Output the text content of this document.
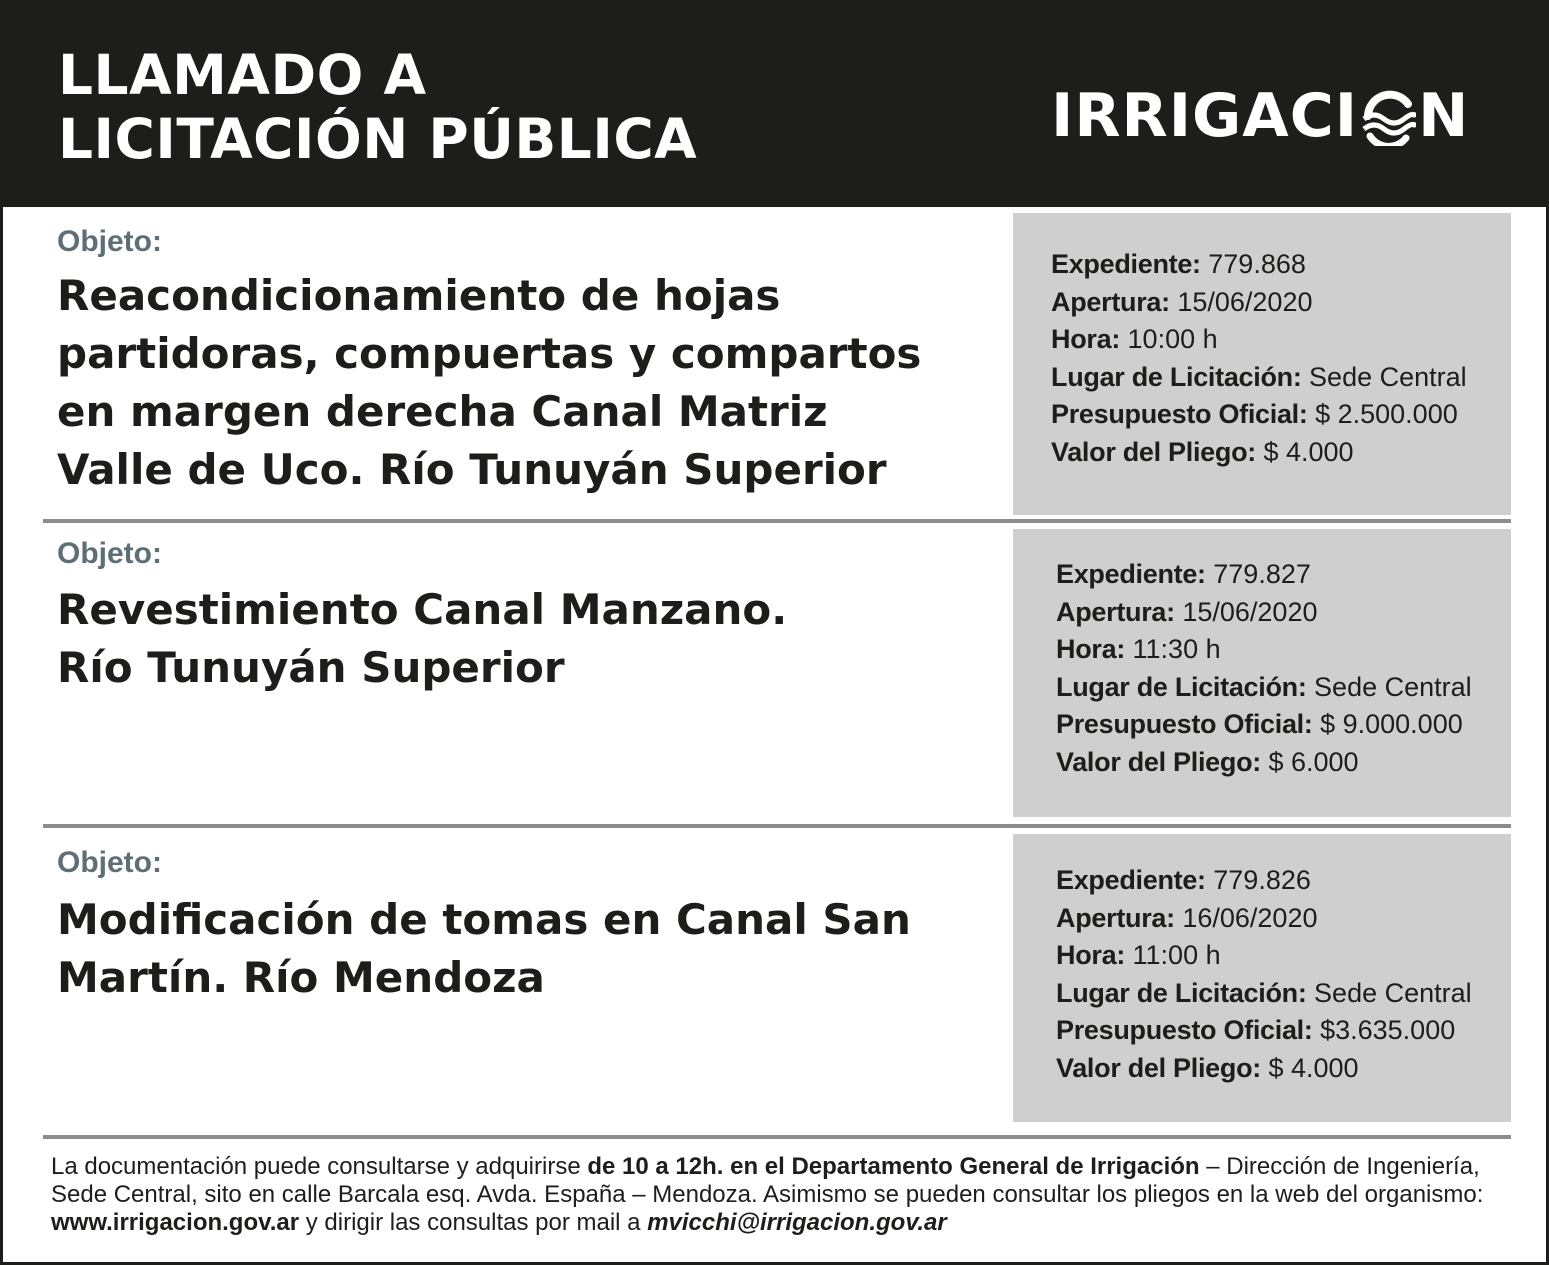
LLAMADO A
LICITACIÓN PÚBLICA	IRRIGACI N
Objeto:
Reacondicionamiento de hojas
partidoras, compuertas y compartos
en margen derecha Canal Matriz
Valle de Uco. Río Tunuyán Superior
Expediente: 779.868
Apertura: 15/06/2020
Hora: 10:00 h
Lugar de Licitación: Sede Central
Presupuesto Oficial: $ 2.500.000
Valor del Pliego: $ 4.000
Objeto:
Revestimiento Canal Manzano.
Río Tunuyán Superior
Expediente: 779.827
Apertura: 15/06/2020
Hora: 11:30 h
Lugar de Licitación: Sede Central
Presupuesto Oficial: $ 9.000.000
Valor del Pliego: $ 6.000
Objeto:
Modificación de tomas en Canal San
Martín. Río Mendoza
Expediente: 779.826
Apertura: 16/06/2020
Hora: 11:00 h
Lugar de Licitación: Sede Central
Presupuesto Oficial: $3.635.000
Valor del Pliego: $ 4.000
La documentación puede consultarse y adquirirse de 10 a 12h. en el Departamento General de Irrigación – Dirección de Ingeniería, Sede Central, sito en calle Barcala esq. Avda. España – Mendoza. Asimismo se pueden consultar los pliegos en la web del organismo: www.irrigacion.gov.ar y dirigir las consultas por mail a mvicchi@irrigacion.gov.ar
